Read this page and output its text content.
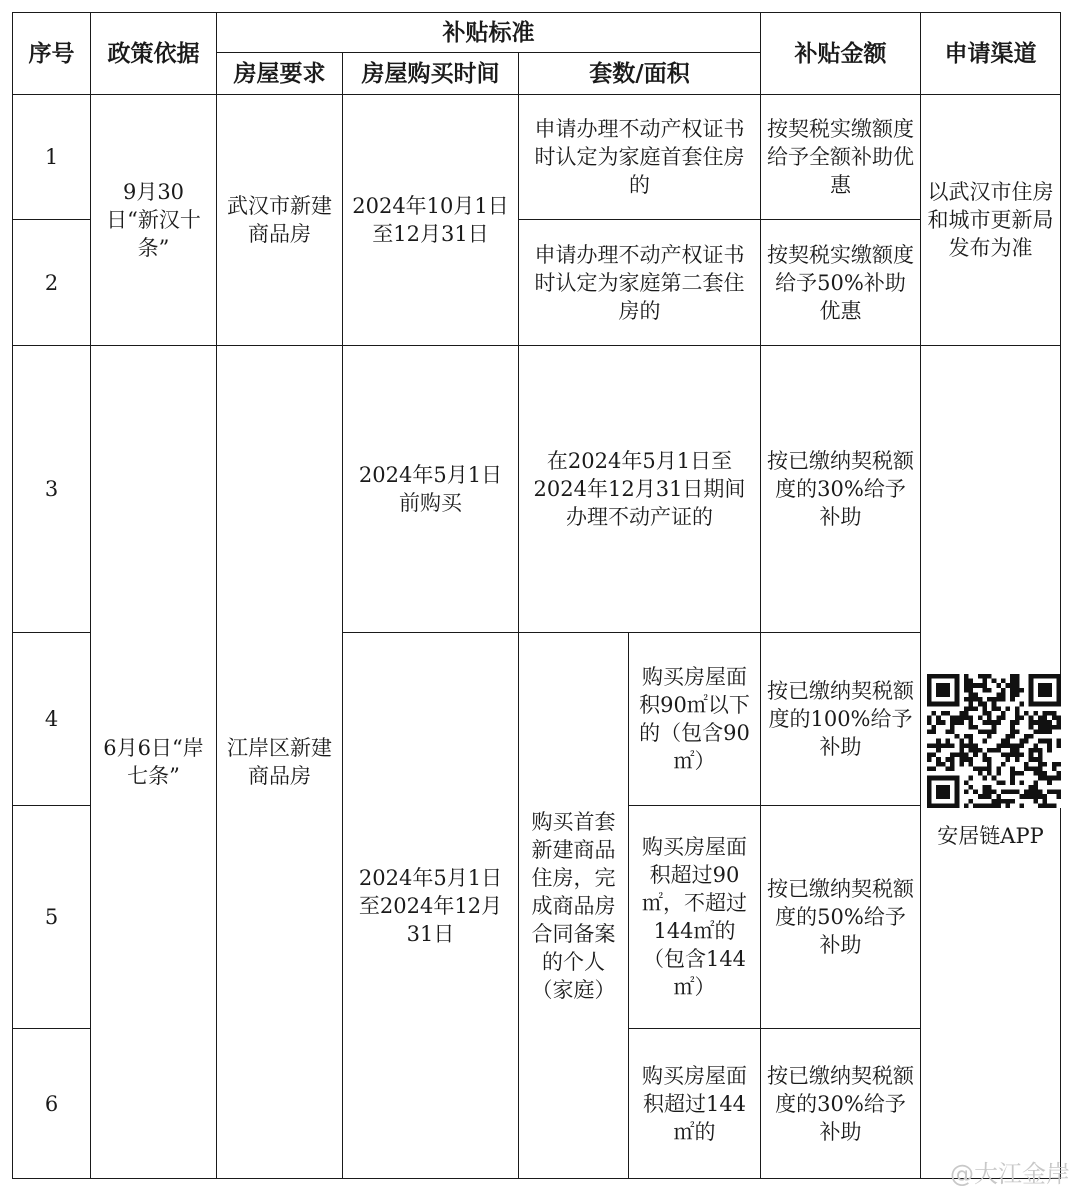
序号	政策依据	补贴标准				补贴金额	申请渠道
		房屋要求	房屋购买时间	套数/面积			
1	9月30日“新汉十条”	武汉市新建商品房	2024年10月1日至12月31日	申请办理不动产权证书时认定为家庭首套住房的		按契税实缴额度给予全额补助优惠	以武汉市住房和城市更新局发布为准
2				申请办理不动产权证书时认定为家庭第二套住房的		按契税实缴额度给予50%补助优惠	
3	6月6日“岸七条”	江岸区新建商品房	2024年5月1日前购买	在2024年5月1日至2024年12月31日期间办理不动产证的		按已缴纳契税额度的30%给予补助	安居链APP

4			2024年5月1日至2024年12月31日	购买首套新建商品住房，完成商品房合同备案的个人（家庭）	购买房屋面积90㎡以下的（包含90㎡）	按已缴纳契税额度的100%给予补助	
5					购买房屋面积超过90㎡，不超过144㎡的（包含144㎡）	按已缴纳契税额度的50%给予补助	
6					购买房屋面积超过144㎡的	按已缴纳契税额度的30%给予补助	
@大江金岸
